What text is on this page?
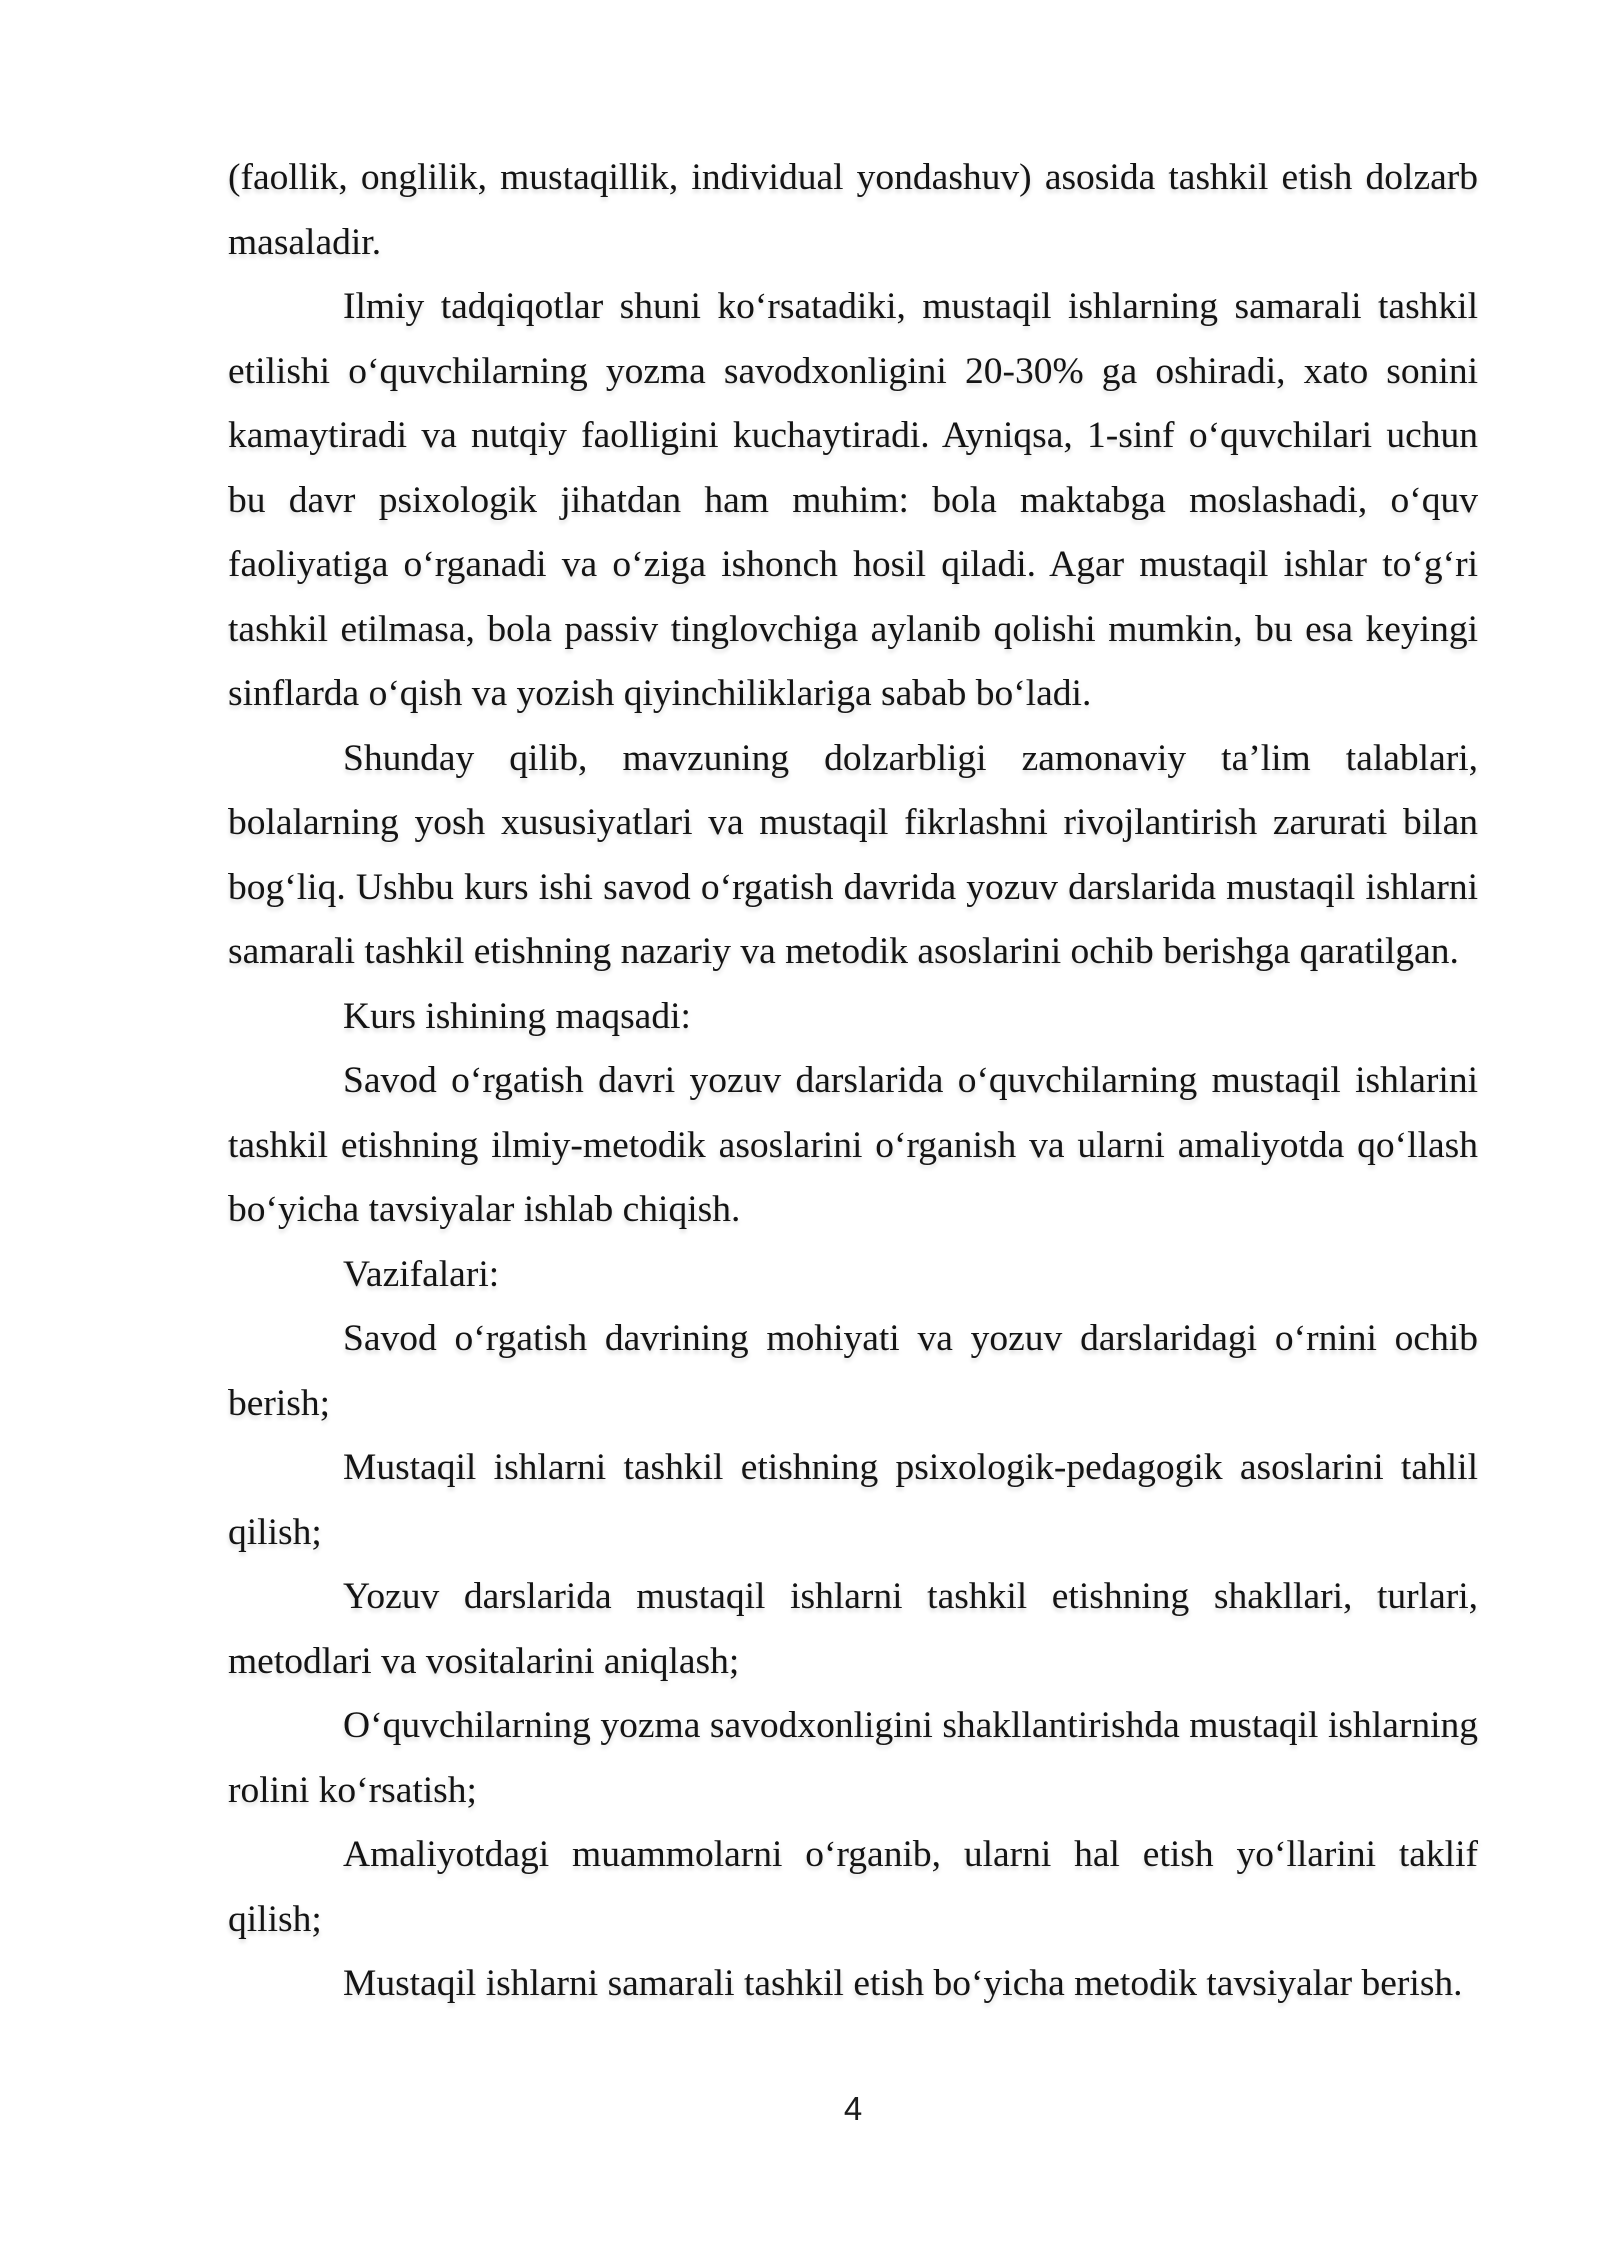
(faollik, onglilik, mustaqillik, individual yondashuv) asosida tashkil etish dolzarb masaladir.

Ilmiy tadqiqotlar shuni koʻrsatadiki, mustaqil ishlarning samarali tashkil etilishi oʻquvchilarning yozma savodxonligini 20-30% ga oshiradi, xato sonini kamaytiradi va nutqiy faolligini kuchaytiradi. Ayniqsa, 1-sinf oʻquvchilari uchun bu davr psixologik jihatdan ham muhim: bola maktabga moslashadi, oʻquv faoliyatiga oʻrganadi va oʻziga ishonch hosil qiladi. Agar mustaqil ishlar toʻgʻri tashkil etilmasa, bola passiv tinglovchiga aylanib qolishi mumkin, bu esa keyingi sinflarda oʻqish va yozish qiyinchiliklariga sabab boʻladi.

Shunday qilib, mavzuning dolzarbligi zamonaviy taʼlim talablari, bolalarning yosh xususiyatlari va mustaqil fikrlashni rivojlantirish zarurati bilan bogʻliq. Ushbu kurs ishi savod oʻrgatish davrida yozuv darslarida mustaqil ishlarni samarali tashkil etishning nazariy va metodik asoslarini ochib berishga qaratilgan.

Kurs ishining maqsadi:

Savod oʻrgatish davri yozuv darslarida oʻquvchilarning mustaqil ishlarini tashkil etishning ilmiy-metodik asoslarini oʻrganish va ularni amaliyotda qoʻllash boʻyicha tavsiyalar ishlab chiqish.

Vazifalari:

Savod oʻrgatish davrining mohiyati va yozuv darslaridagi oʻrnini ochib berish;

Mustaqil ishlarni tashkil etishning psixologik-pedagogik asoslarini tahlil qilish;

Yozuv darslarida mustaqil ishlarni tashkil etishning shakllari, turlari, metodlari va vositalarini aniqlash;

Oʻquvchilarning yozma savodxonligini shakllantirishda mustaqil ishlarning rolini koʻrsatish;

Amaliyotdagi muammolarni oʻrganib, ularni hal etish yoʻllarini taklif qilish;

Mustaqil ishlarni samarali tashkil etish boʻyicha metodik tavsiyalar berish.

4
